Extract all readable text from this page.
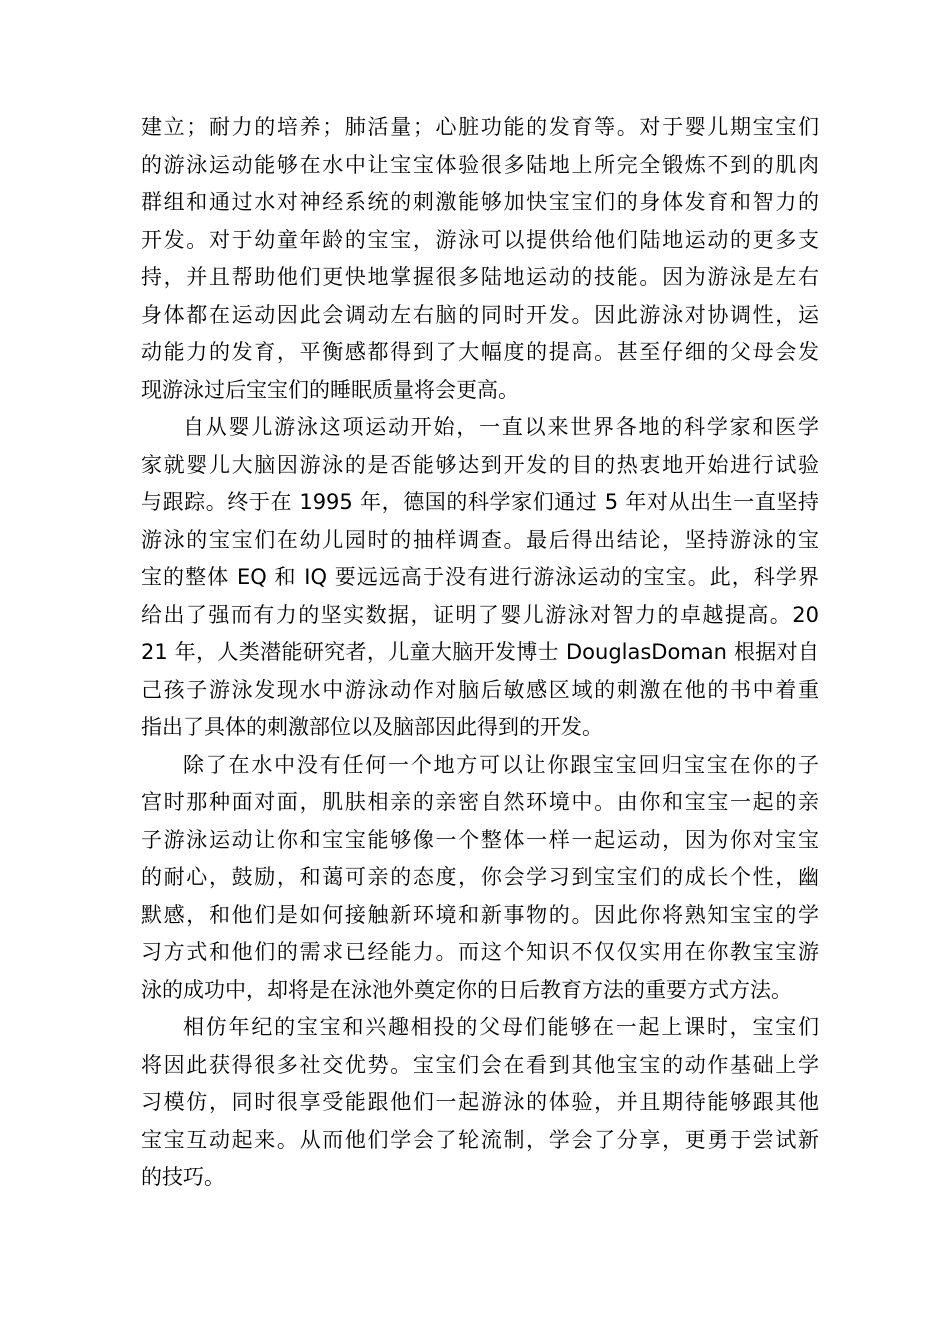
建立；耐力的培养；肺活量；心脏功能的发育等。对于婴儿期宝宝们
的游泳运动能够在水中让宝宝体验很多陆地上所完全锻炼不到的肌肉
群组和通过水对神经系统的刺激能够加快宝宝们的身体发育和智力的
开发。对于幼童年龄的宝宝，游泳可以提供给他们陆地运动的更多支
持，并且帮助他们更快地掌握很多陆地运动的技能。因为游泳是左右
身体都在运动因此会调动左右脑的同时开发。因此游泳对协调性，运
动能力的发育，平衡感都得到了大幅度的提高。甚至仔细的父母会发
现游泳过后宝宝们的睡眠质量将会更高。
自从婴儿游泳这项运动开始，一直以来世界各地的科学家和医学
家就婴儿大脑因游泳的是否能够达到开发的目的热衷地开始进行试验
与跟踪。终于在 1995 年，德国的科学家们通过 5 年对从出生一直坚持
游泳的宝宝们在幼儿园时的抽样调查。最后得出结论，坚持游泳的宝
宝的整体 EQ 和 IQ 要远远高于没有进行游泳运动的宝宝。此，科学界
给出了强而有力的坚实数据，证明了婴儿游泳对智力的卓越提高。20
21 年，人类潜能研究者，儿童大脑开发博士 DouglasDoman 根据对自
己孩子游泳发现水中游泳动作对脑后敏感区域的刺激在他的书中着重
指出了具体的刺激部位以及脑部因此得到的开发。
除了在水中没有任何一个地方可以让你跟宝宝回归宝宝在你的子
宫时那种面对面，肌肤相亲的亲密自然环境中。由你和宝宝一起的亲
子游泳运动让你和宝宝能够像一个整体一样一起运动，因为你对宝宝
的耐心，鼓励，和蔼可亲的态度，你会学习到宝宝们的成长个性，幽
默感，和他们是如何接触新环境和新事物的。因此你将熟知宝宝的学
习方式和他们的需求已经能力。而这个知识不仅仅实用在你教宝宝游
泳的成功中，却将是在泳池外奠定你的日后教育方法的重要方式方法。
相仿年纪的宝宝和兴趣相投的父母们能够在一起上课时，宝宝们
将因此获得很多社交优势。宝宝们会在看到其他宝宝的动作基础上学
习模仿，同时很享受能跟他们一起游泳的体验，并且期待能够跟其他
宝宝互动起来。从而他们学会了轮流制，学会了分享，更勇于尝试新
的技巧。
